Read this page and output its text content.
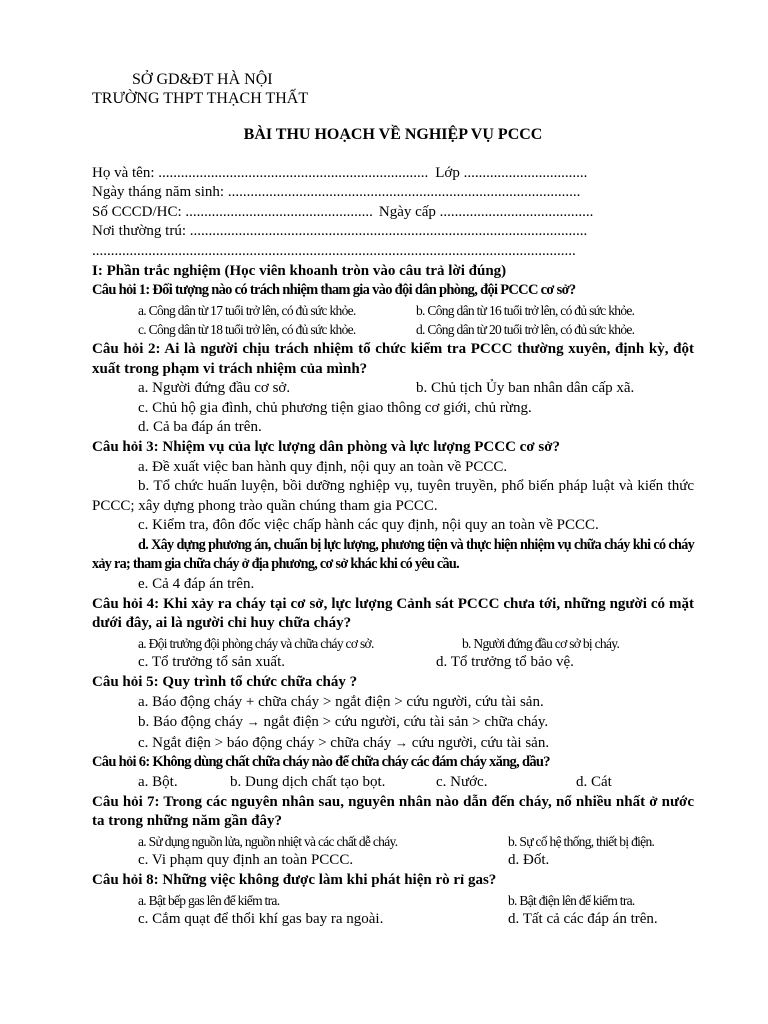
SỞ GD&ĐT HÀ NỘI
TRƯỜNG THPT THẠCH THẤT
BÀI THU HOẠCH VỀ NGHIỆP VỤ PCCC
Họ và tên: ........................................................................ Lớp .................................
Ngày tháng năm sinh: ..............................................................................................
Số CCCD/HC: .................................................. Ngày cấp .........................................
Nơi thường trú: ..........................................................................................................
.................................................................................................................................
I: Phần trắc nghiệm (Học viên khoanh tròn vào câu trả lời đúng)
Câu hỏi 1: Đối tượng nào có trách nhiệm tham gia vào đội dân phòng, đội PCCC cơ sở?
a. Công dân từ 17 tuổi trở lên, có đủ sức khỏe.	b. Công dân từ 16 tuổi trở lên, có đủ sức khỏe.
c. Công dân từ 18 tuổi trở lên, có đủ sức khỏe.	d. Công dân từ 20 tuổi trở lên, có đủ sức khỏe.
Câu hỏi 2: Ai là người chịu trách nhiệm tổ chức kiểm tra PCCC thường xuyên, định kỳ, đột xuất trong phạm vi trách nhiệm của mình?
a. Người đứng đầu cơ sở.	b. Chủ tịch Ủy ban nhân dân cấp xã.
c. Chủ hộ gia đình, chủ phương tiện giao thông cơ giới, chủ rừng.
d. Cả ba đáp án trên.
Câu hỏi 3: Nhiệm vụ của lực lượng dân phòng và lực lượng PCCC cơ sở?
a. Đề xuất việc ban hành quy định, nội quy an toàn về PCCC.
b. Tổ chức huấn luyện, bồi dưỡng nghiệp vụ, tuyên truyền, phổ biến pháp luật và kiến thức PCCC; xây dựng phong trào quần chúng tham gia PCCC.
c. Kiểm tra, đôn đốc việc chấp hành các quy định, nội quy an toàn về PCCC.
d. Xây dựng phương án, chuẩn bị lực lượng, phương tiện và thực hiện nhiệm vụ chữa cháy khi có cháy xảy ra; tham gia chữa cháy ở địa phương, cơ sở khác khi có yêu cầu.
e. Cả 4 đáp án trên.
Câu hỏi 4: Khi xảy ra cháy tại cơ sở, lực lượng Cảnh sát PCCC chưa tới, những người có mặt dưới đây, ai là người chỉ huy chữa cháy?
a. Đội trưởng đội phòng cháy và chữa cháy cơ sở.	b. Người đứng đầu cơ sở bị cháy.
c. Tổ trưởng tổ sản xuất.	d. Tổ trưởng tổ bảo vệ.
Câu hỏi 5: Quy trình tổ chức chữa cháy ?
a. Báo động cháy + chữa cháy > ngắt điện > cứu người, cứu tài sản.
b. Báo động cháy → ngắt điện > cứu người, cứu tài sản > chữa cháy.
c. Ngắt điện > báo động cháy > chữa cháy → cứu người, cứu tài sản.
Câu hỏi 6: Không dùng chất chữa cháy nào để chữa cháy các đám cháy xăng, dầu?
a. Bột.	b. Dung dịch chất tạo bọt.	c. Nước.	d. Cát
Câu hỏi 7: Trong các nguyên nhân sau, nguyên nhân nào dẫn đến cháy, nổ nhiều nhất ở nước ta trong những năm gần đây?
a. Sử dụng nguồn lửa, nguồn nhiệt và các chất dễ cháy.	b. Sự cố hệ thống, thiết bị điện.
c. Vi phạm quy định an toàn PCCC.	d. Đốt.
Câu hỏi 8: Những việc không được làm khi phát hiện rò rỉ gas?
a. Bật bếp gas lên để kiểm tra.	b. Bật điện lên để kiểm tra.
c. Cắm quạt để thổi khí gas bay ra ngoài.	d. Tất cả các đáp án trên.
